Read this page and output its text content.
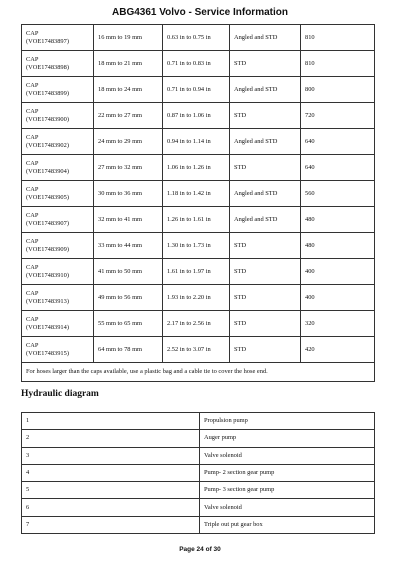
ABG4361 Volvo - Service Information
CAP
(VOE17483897)	16 mm to 19 mm	0.63 in to 0.75 in	Angled and STD	810

CAP
(VOE17483898)	18 mm to 21 mm	0.71 in to 0.83 in	STD	810

CAP
(VOE17483899)	18 mm to 24 mm	0.71 in to 0.94 in	Angled and STD	800

CAP
(VOE17483900)	22 mm to 27 mm	0.87 in to 1.06 in	STD	720

CAP
(VOE17483902)	24 mm to 29 mm	0.94 in to 1.14 in	Angled and STD	640

CAP
(VOE17483904)	27 mm to 32 mm	1.06 in to 1.26 in	STD	640

CAP
(VOE17483905)	30 mm to 36 mm	1.18 in to 1.42 in	Angled and STD	560

CAP
(VOE17483907)	32 mm to 41 mm	1.26 in to 1.61 in	Angled and STD	480

CAP
(VOE17483909)	33 mm to 44 mm	1.30 in to 1.73 in	STD	480

CAP
(VOE17483910)	41 mm to 50 mm	1.61 in to 1.97 in	STD	400

CAP
(VOE17483913)	49 mm to 56 mm	1.93 in to 2.20 in	STD	400

CAP
(VOE17483914)	55 mm to 65 mm	2.17 in to 2.56 in	STD	320

CAP
(VOE17483915)	64 mm to 78 mm	2.52 in to 3.07 in	STD	420
For hoses larger than the caps available, use a plastic bag and a cable tie to cover the hose end.				
Hydraulic diagram
1	Propulsion pump
2	Auger pump
3	Valve solenoid
4	Pump- 2 section gear pump
5	Pump- 3 section gear pump
6	Valve solenoid
7	Triple out put gear box
Page 24 of 30
